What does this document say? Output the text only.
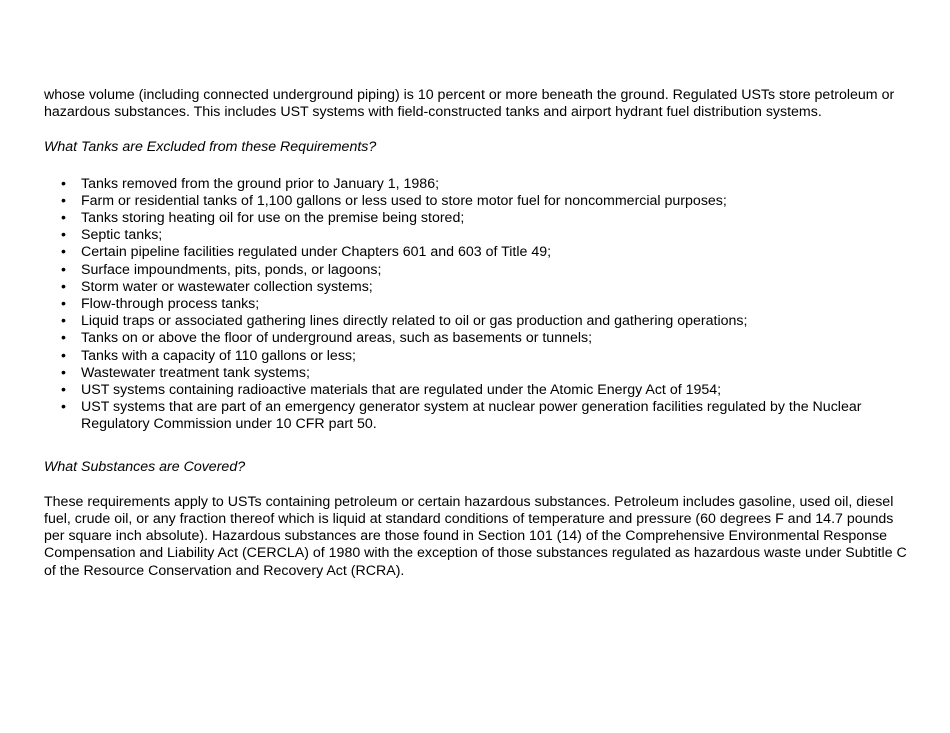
whose volume (including connected underground piping) is 10 percent or more beneath the ground. Regulated USTs store petroleum or hazardous substances. This includes UST systems with field-constructed tanks and airport hydrant fuel distribution systems.

What Tanks are Excluded from these Requirements?

•	Tanks removed from the ground prior to January 1, 1986;
•	Farm or residential tanks of 1,100 gallons or less used to store motor fuel for noncommercial purposes;
•	Tanks storing heating oil for use on the premise being stored;
•	Septic tanks;
•	Certain pipeline facilities regulated under Chapters 601 and 603 of Title 49;
•	Surface impoundments, pits, ponds, or lagoons;
•	Storm water or wastewater collection systems;
•	Flow-through process tanks;
•	Liquid traps or associated gathering lines directly related to oil or gas production and gathering operations;
•	Tanks on or above the floor of underground areas, such as basements or tunnels;
•	Tanks with a capacity of 110 gallons or less;
•	Wastewater treatment tank systems;
•	UST systems containing radioactive materials that are regulated under the Atomic Energy Act of 1954;
•	UST systems that are part of an emergency generator system at nuclear power generation facilities regulated by the Nuclear Regulatory Commission under 10 CFR part 50.

What Substances are Covered?

These requirements apply to USTs containing petroleum or certain hazardous substances. Petroleum includes gasoline, used oil, diesel fuel, crude oil, or any fraction thereof which is liquid at standard conditions of temperature and pressure (60 degrees F and 14.7 pounds per square inch absolute). Hazardous substances are those found in Section 101 (14) of the Comprehensive Environmental Response Compensation and Liability Act (CERCLA) of 1980 with the exception of those substances regulated as hazardous waste under Subtitle C of the Resource Conservation and Recovery Act (RCRA).
